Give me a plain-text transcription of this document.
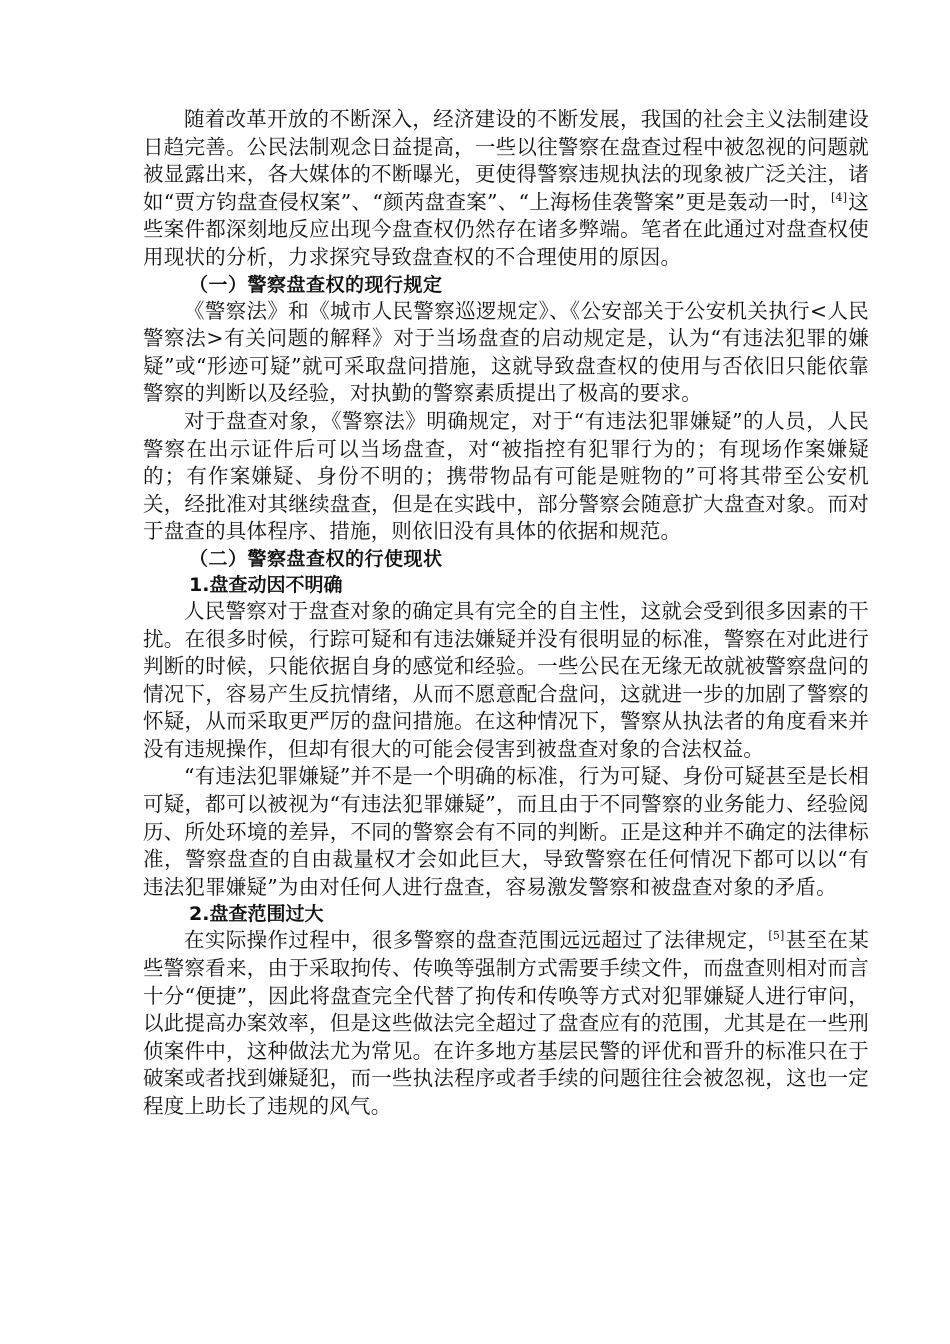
随着改革开放的不断深入，经济建设的不断发展，我国的社会主义法制建设日趋完善。公民法制观念日益提高，一些以往警察在盘查过程中被忽视的问题就被显露出来，各大媒体的不断曝光，更使得警察违规执法的现象被广泛关注，诸如“贾方钧盘查侵权案”、“颜芮盘查案”、“上海杨佳袭警案”更是轰动一时，[4]这些案件都深刻地反应出现今盘查权仍然存在诸多弊端。笔者在此通过对盘查权使用现状的分析，力求探究导致盘查权的不合理使用的原因。

（一）警察盘查权的现行规定

《警察法》和《城市人民警察巡逻规定》、《公安部关于公安机关执行<人民警察法>有关问题的解释》对于当场盘查的启动规定是，认为“有违法犯罪的嫌疑”或“形迹可疑”就可采取盘问措施，这就导致盘查权的使用与否依旧只能依靠警察的判断以及经验，对执勤的警察素质提出了极高的要求。

对于盘查对象，《警察法》明确规定，对于“有违法犯罪嫌疑”的人员，人民警察在出示证件后可以当场盘查，对“被指控有犯罪行为的；有现场作案嫌疑的；有作案嫌疑、身份不明的；携带物品有可能是赃物的”可将其带至公安机关，经批准对其继续盘查，但是在实践中，部分警察会随意扩大盘查对象。而对于盘查的具体程序、措施，则依旧没有具体的依据和规范。

（二）警察盘查权的行使现状
1.盘查动因不明确

人民警察对于盘查对象的确定具有完全的自主性，这就会受到很多因素的干扰。在很多时候，行踪可疑和有违法嫌疑并没有很明显的标准，警察在对此进行判断的时候，只能依据自身的感觉和经验。一些公民在无缘无故就被警察盘问的情况下，容易产生反抗情绪，从而不愿意配合盘问，这就进一步的加剧了警察的怀疑，从而采取更严厉的盘问措施。在这种情况下，警察从执法者的角度看来并没有违规操作，但却有很大的可能会侵害到被盘查对象的合法权益。

“有违法犯罪嫌疑”并不是一个明确的标准，行为可疑、身份可疑甚至是长相可疑，都可以被视为“有违法犯罪嫌疑”，而且由于不同警察的业务能力、经验阅历、所处环境的差异，不同的警察会有不同的判断。正是这种并不确定的法律标准，警察盘查的自由裁量权才会如此巨大，导致警察在任何情况下都可以以“有违法犯罪嫌疑”为由对任何人进行盘查，容易激发警察和被盘查对象的矛盾。

2.盘查范围过大

在实际操作过程中，很多警察的盘查范围远远超过了法律规定，[5]甚至在某些警察看来，由于采取拘传、传唤等强制方式需要手续文件，而盘查则相对而言十分“便捷”，因此将盘查完全代替了拘传和传唤等方式对犯罪嫌疑人进行审问，以此提高办案效率，但是这些做法完全超过了盘查应有的范围，尤其是在一些刑侦案件中，这种做法尤为常见。在许多地方基层民警的评优和晋升的标准只在于破案或者找到嫌疑犯，而一些执法程序或者手续的问题往往会被忽视，这也一定程度上助长了违规的风气。
